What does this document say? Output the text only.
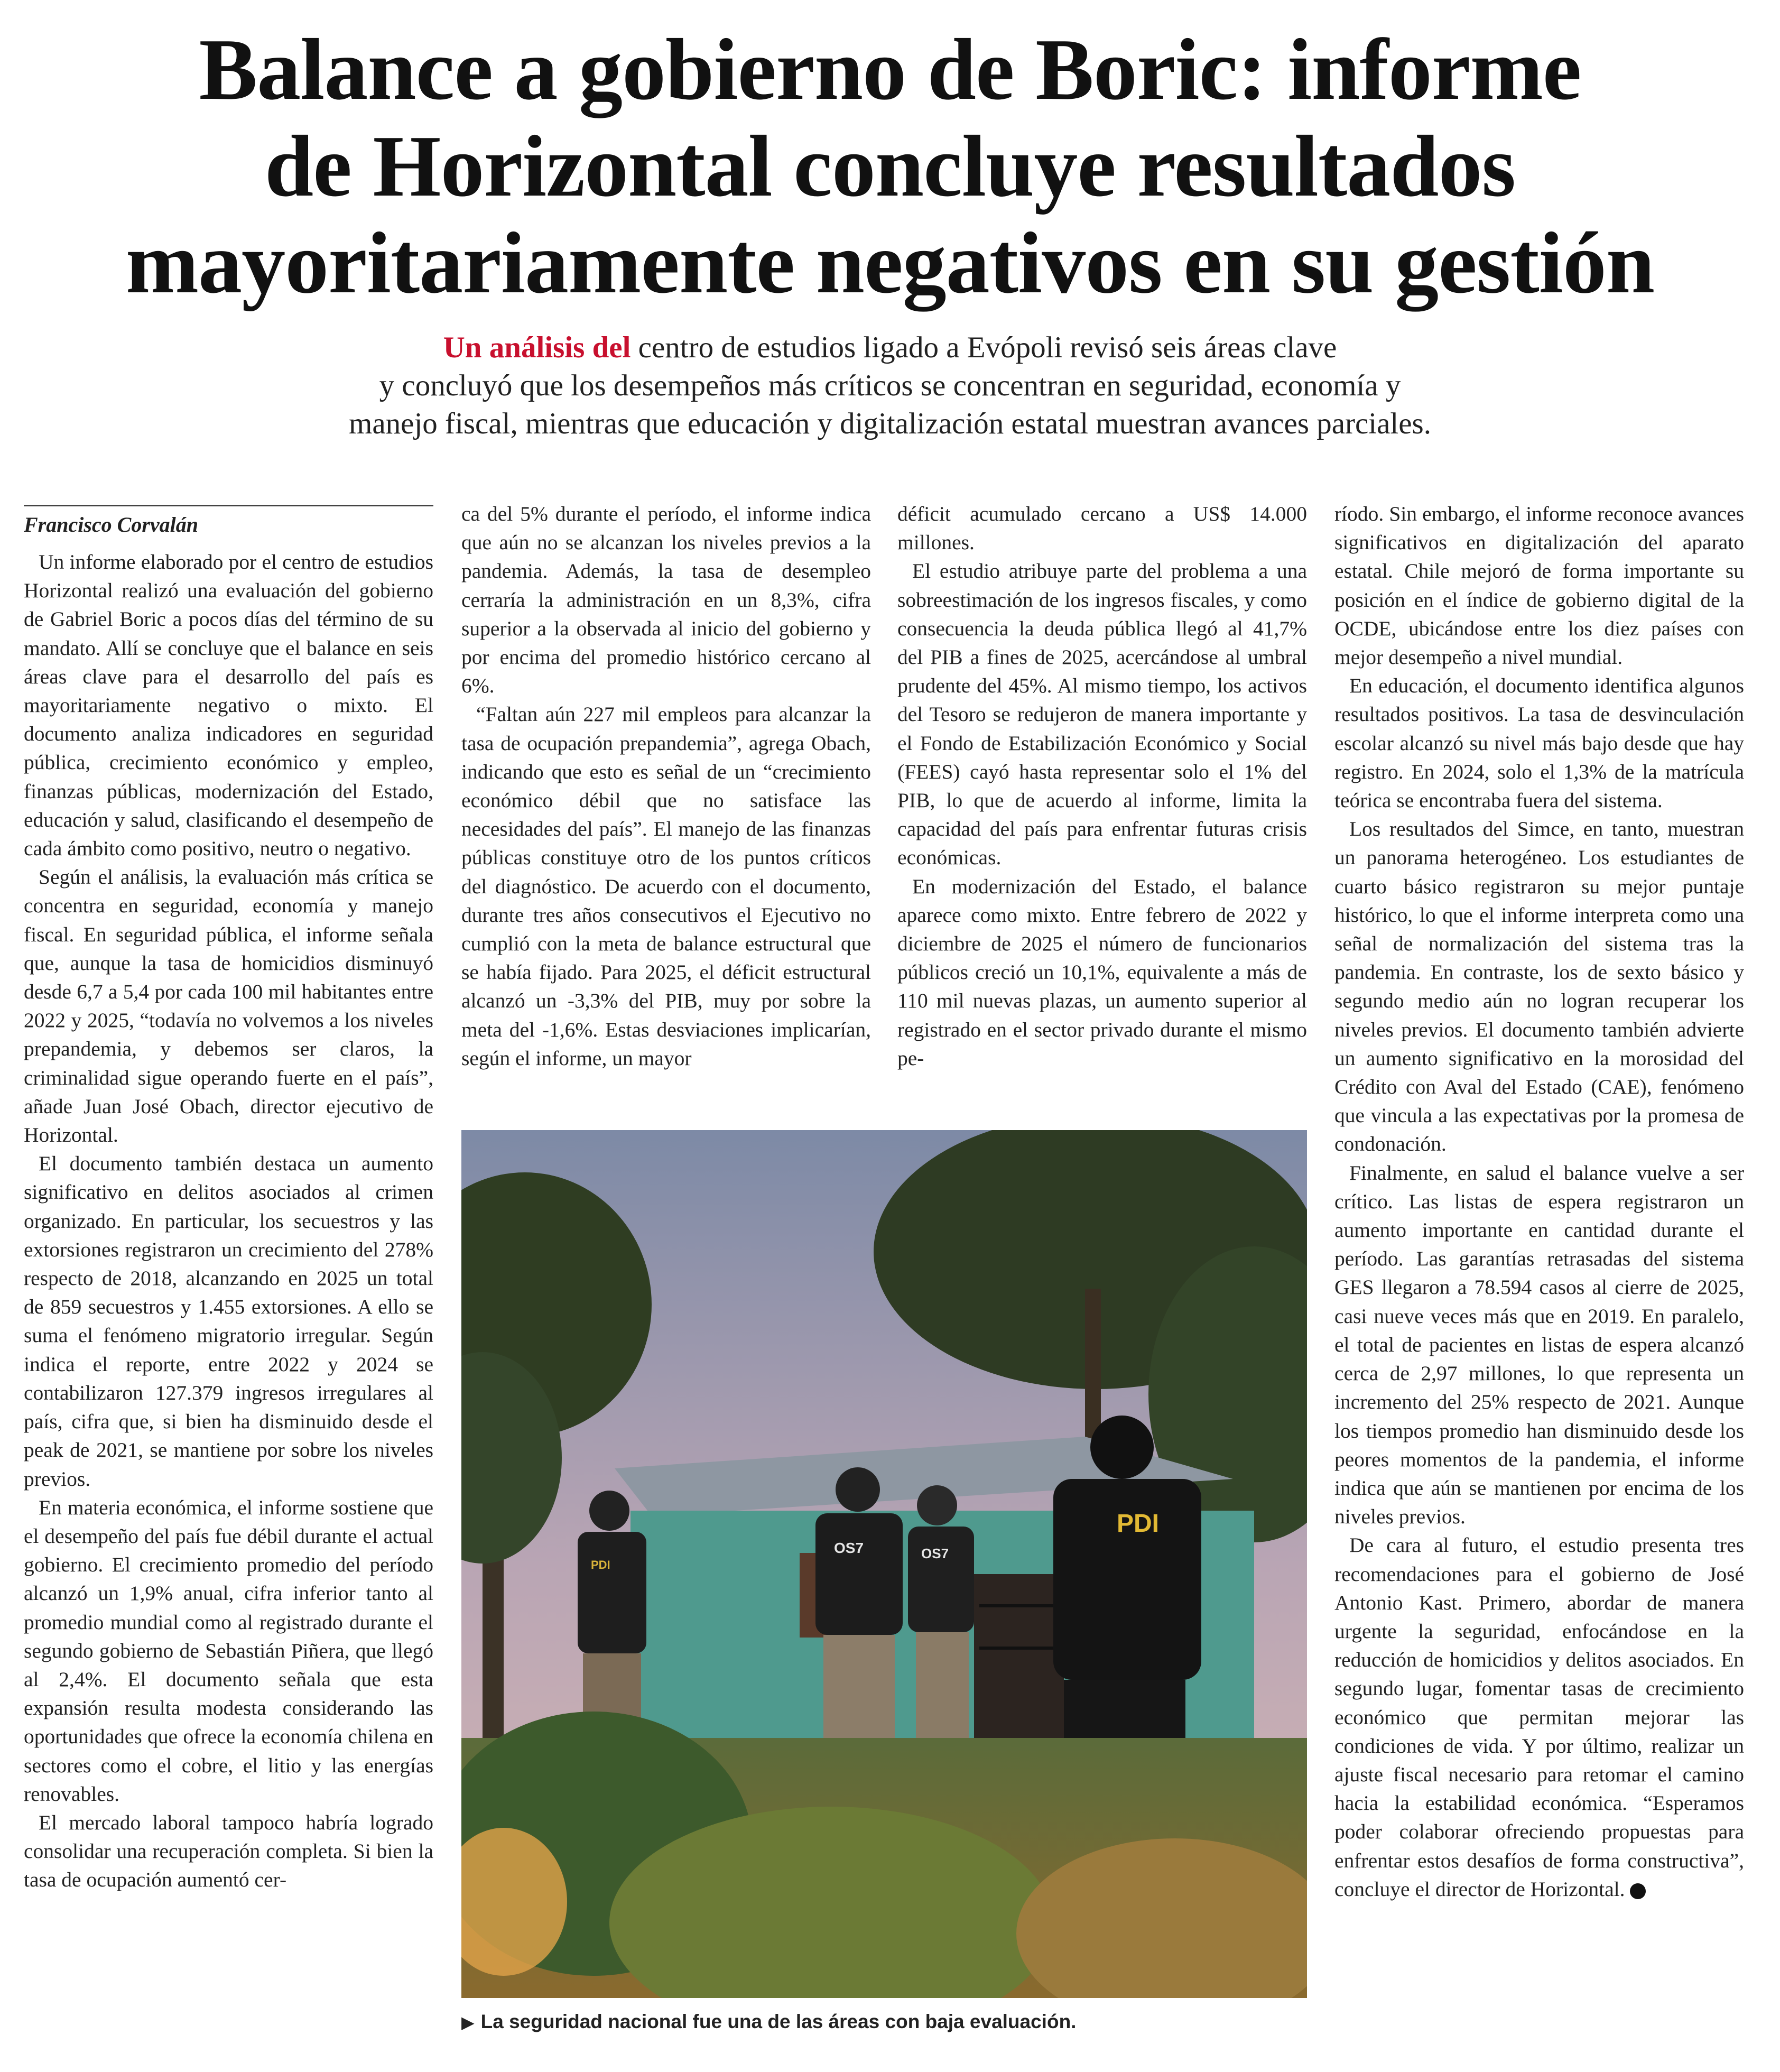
Balance a gobierno de Boric: informe
de Horizontal concluye resultados
mayoritariamente negativos en su gestión
Un análisis del centro de estudios ligado a Evópoli revisó seis áreas clave
y concluyó que los desempeños más críticos se concentran en seguridad, economía y
manejo fiscal, mientras que educación y digitalización estatal muestran avances parciales.
Francisco Corvalán

Un informe elaborado por el centro de estudios Horizontal realizó una evaluación del gobierno de Gabriel Boric a pocos días del término de su mandato. Allí se concluye que el balance en seis áreas clave para el desarrollo del país es mayoritariamente negativo o mixto. El documento analiza indicadores en seguridad pública, crecimiento económico y empleo, finanzas públicas, modernización del Estado, educación y salud, clasificando el desempeño de cada ámbito como positivo, neutro o negativo.

Según el análisis, la evaluación más crítica se concentra en seguridad, economía y manejo fiscal. En seguridad pública, el informe señala que, aunque la tasa de homicidios disminuyó desde 6,7 a 5,4 por cada 100 mil habitantes entre 2022 y 2025, “todavía no volvemos a los niveles prepandemia, y debemos ser claros, la criminalidad sigue operando fuerte en el país”, añade Juan José Obach, director ejecutivo de Horizontal.

El documento también destaca un aumento significativo en delitos asociados al crimen organizado. En particular, los secuestros y las extorsiones registraron un crecimiento del 278% respecto de 2018, alcanzando en 2025 un total de 859 secuestros y 1.455 extorsiones. A ello se suma el fenómeno migratorio irregular. Según indica el reporte, entre 2022 y 2024 se contabilizaron 127.379 ingresos irregulares al país, cifra que, si bien ha disminuido desde el peak de 2021, se mantiene por sobre los niveles previos.

En materia económica, el informe sostiene que el desempeño del país fue débil durante el actual gobierno. El crecimiento promedio del período alcanzó un 1,9% anual, cifra inferior tanto al promedio mundial como al registrado durante el segundo gobierno de Sebastián Piñera, que llegó al 2,4%. El documento señala que esta expansión resulta modesta considerando las oportunidades que ofrece la economía chilena en sectores como el cobre, el litio y las energías renovables.

El mercado laboral tampoco habría logrado consolidar una recuperación completa. Si bien la tasa de ocupación aumentó cer-

ca del 5% durante el período, el informe indica que aún no se alcanzan los niveles previos a la pandemia. Además, la tasa de desempleo cerraría la administración en un 8,3%, cifra superior a la observada al inicio del gobierno y por encima del promedio histórico cercano al 6%.

“Faltan aún 227 mil empleos para alcanzar la tasa de ocupación prepandemia”, agrega Obach, indicando que esto es señal de un “crecimiento económico débil que no satisface las necesidades del país”. El manejo de las finanzas públicas constituye otro de los puntos críticos del diagnóstico. De acuerdo con el documento, durante tres años consecutivos el Ejecutivo no cumplió con la meta de balance estructural que se había fijado. Para 2025, el déficit estructural alcanzó un -3,3% del PIB, muy por sobre la meta del -1,6%. Estas desviaciones implicarían, según el informe, un mayor

déficit acumulado cercano a US$ 14.000 millones.

El estudio atribuye parte del problema a una sobreestimación de los ingresos fiscales, y como consecuencia la deuda pública llegó al 41,7% del PIB a fines de 2025, acercándose al umbral prudente del 45%. Al mismo tiempo, los activos del Tesoro se redujeron de manera importante y el Fondo de Estabilización Económico y Social (FEES) cayó hasta representar solo el 1% del PIB, lo que de acuerdo al informe, limita la capacidad del país para enfrentar futuras crisis económicas.

En modernización del Estado, el balance aparece como mixto. Entre febrero de 2022 y diciembre de 2025 el número de funcionarios públicos creció un 10,1%, equivalente a más de 110 mil nuevas plazas, un aumento superior al registrado en el sector privado durante el mismo pe-

ríodo. Sin embargo, el informe reconoce avances significativos en digitalización del aparato estatal. Chile mejoró de forma importante su posición en el índice de gobierno digital de la OCDE, ubicándose entre los diez países con mejor desempeño a nivel mundial.

En educación, el documento identifica algunos resultados positivos. La tasa de desvinculación escolar alcanzó su nivel más bajo desde que hay registro. En 2024, solo el 1,3% de la matrícula teórica se encontraba fuera del sistema.

Los resultados del Simce, en tanto, muestran un panorama heterogéneo. Los estudiantes de cuarto básico registraron su mejor puntaje histórico, lo que el informe interpreta como una señal de normalización del sistema tras la pandemia. En contraste, los de sexto básico y segundo medio aún no logran recuperar los niveles previos. El documento también advierte un aumento significativo en la morosidad del Crédito con Aval del Estado (CAE), fenómeno que vincula a las expectativas por la promesa de condonación.

Finalmente, en salud el balance vuelve a ser crítico. Las listas de espera registraron un aumento importante en cantidad durante el período. Las garantías retrasadas del sistema GES llegaron a 78.594 casos al cierre de 2025, casi nueve veces más que en 2019. En paralelo, el total de pacientes en listas de espera alcanzó cerca de 2,97 millones, lo que representa un incremento del 25% respecto de 2021. Aunque los tiempos promedio han disminuido desde los peores momentos de la pandemia, el informe indica que aún se mantienen por encima de los niveles previos.

De cara al futuro, el estudio presenta tres recomendaciones para el gobierno de José Antonio Kast. Primero, abordar de manera urgente la seguridad, enfocándose en la reducción de homicidios y delitos asociados. En segundo lugar, fomentar tasas de crecimiento económico que permitan mejorar las condiciones de vida. Y por último, realizar un ajuste fiscal necesario para retomar el camino hacia la estabilidad económica. “Esperamos poder colaborar ofreciendo propuestas para enfrentar estos desafíos de forma constructiva”, concluye el director de Horizontal.

PDI
OS7	OS7
PDI
▶ La seguridad nacional fue una de las áreas con baja evaluación.
